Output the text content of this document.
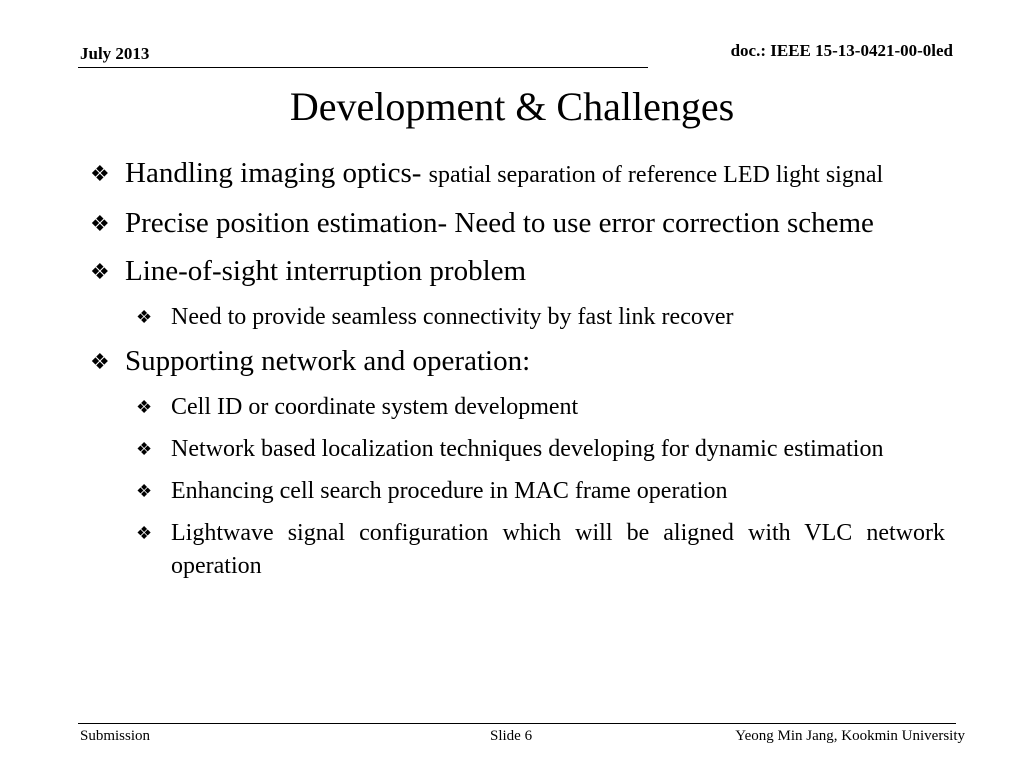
July 2013	doc.: IEEE 15-13-0421-00-0led
Development & Challenges
❖ Handling imaging optics- spatial separation of reference LED light signal
❖ Precise position estimation- Need to use error correction scheme
❖ Line-of-sight interruption problem
❖ Need to provide seamless connectivity by fast link recover
❖ Supporting network and operation:
❖ Cell ID or coordinate system development
❖ Network based localization techniques developing for dynamic estimation
❖ Enhancing cell search procedure in MAC frame operation
❖ Lightwave signal configuration which will be aligned with VLC network operation
Submission	Slide 6	Yeong Min Jang, Kookmin University
